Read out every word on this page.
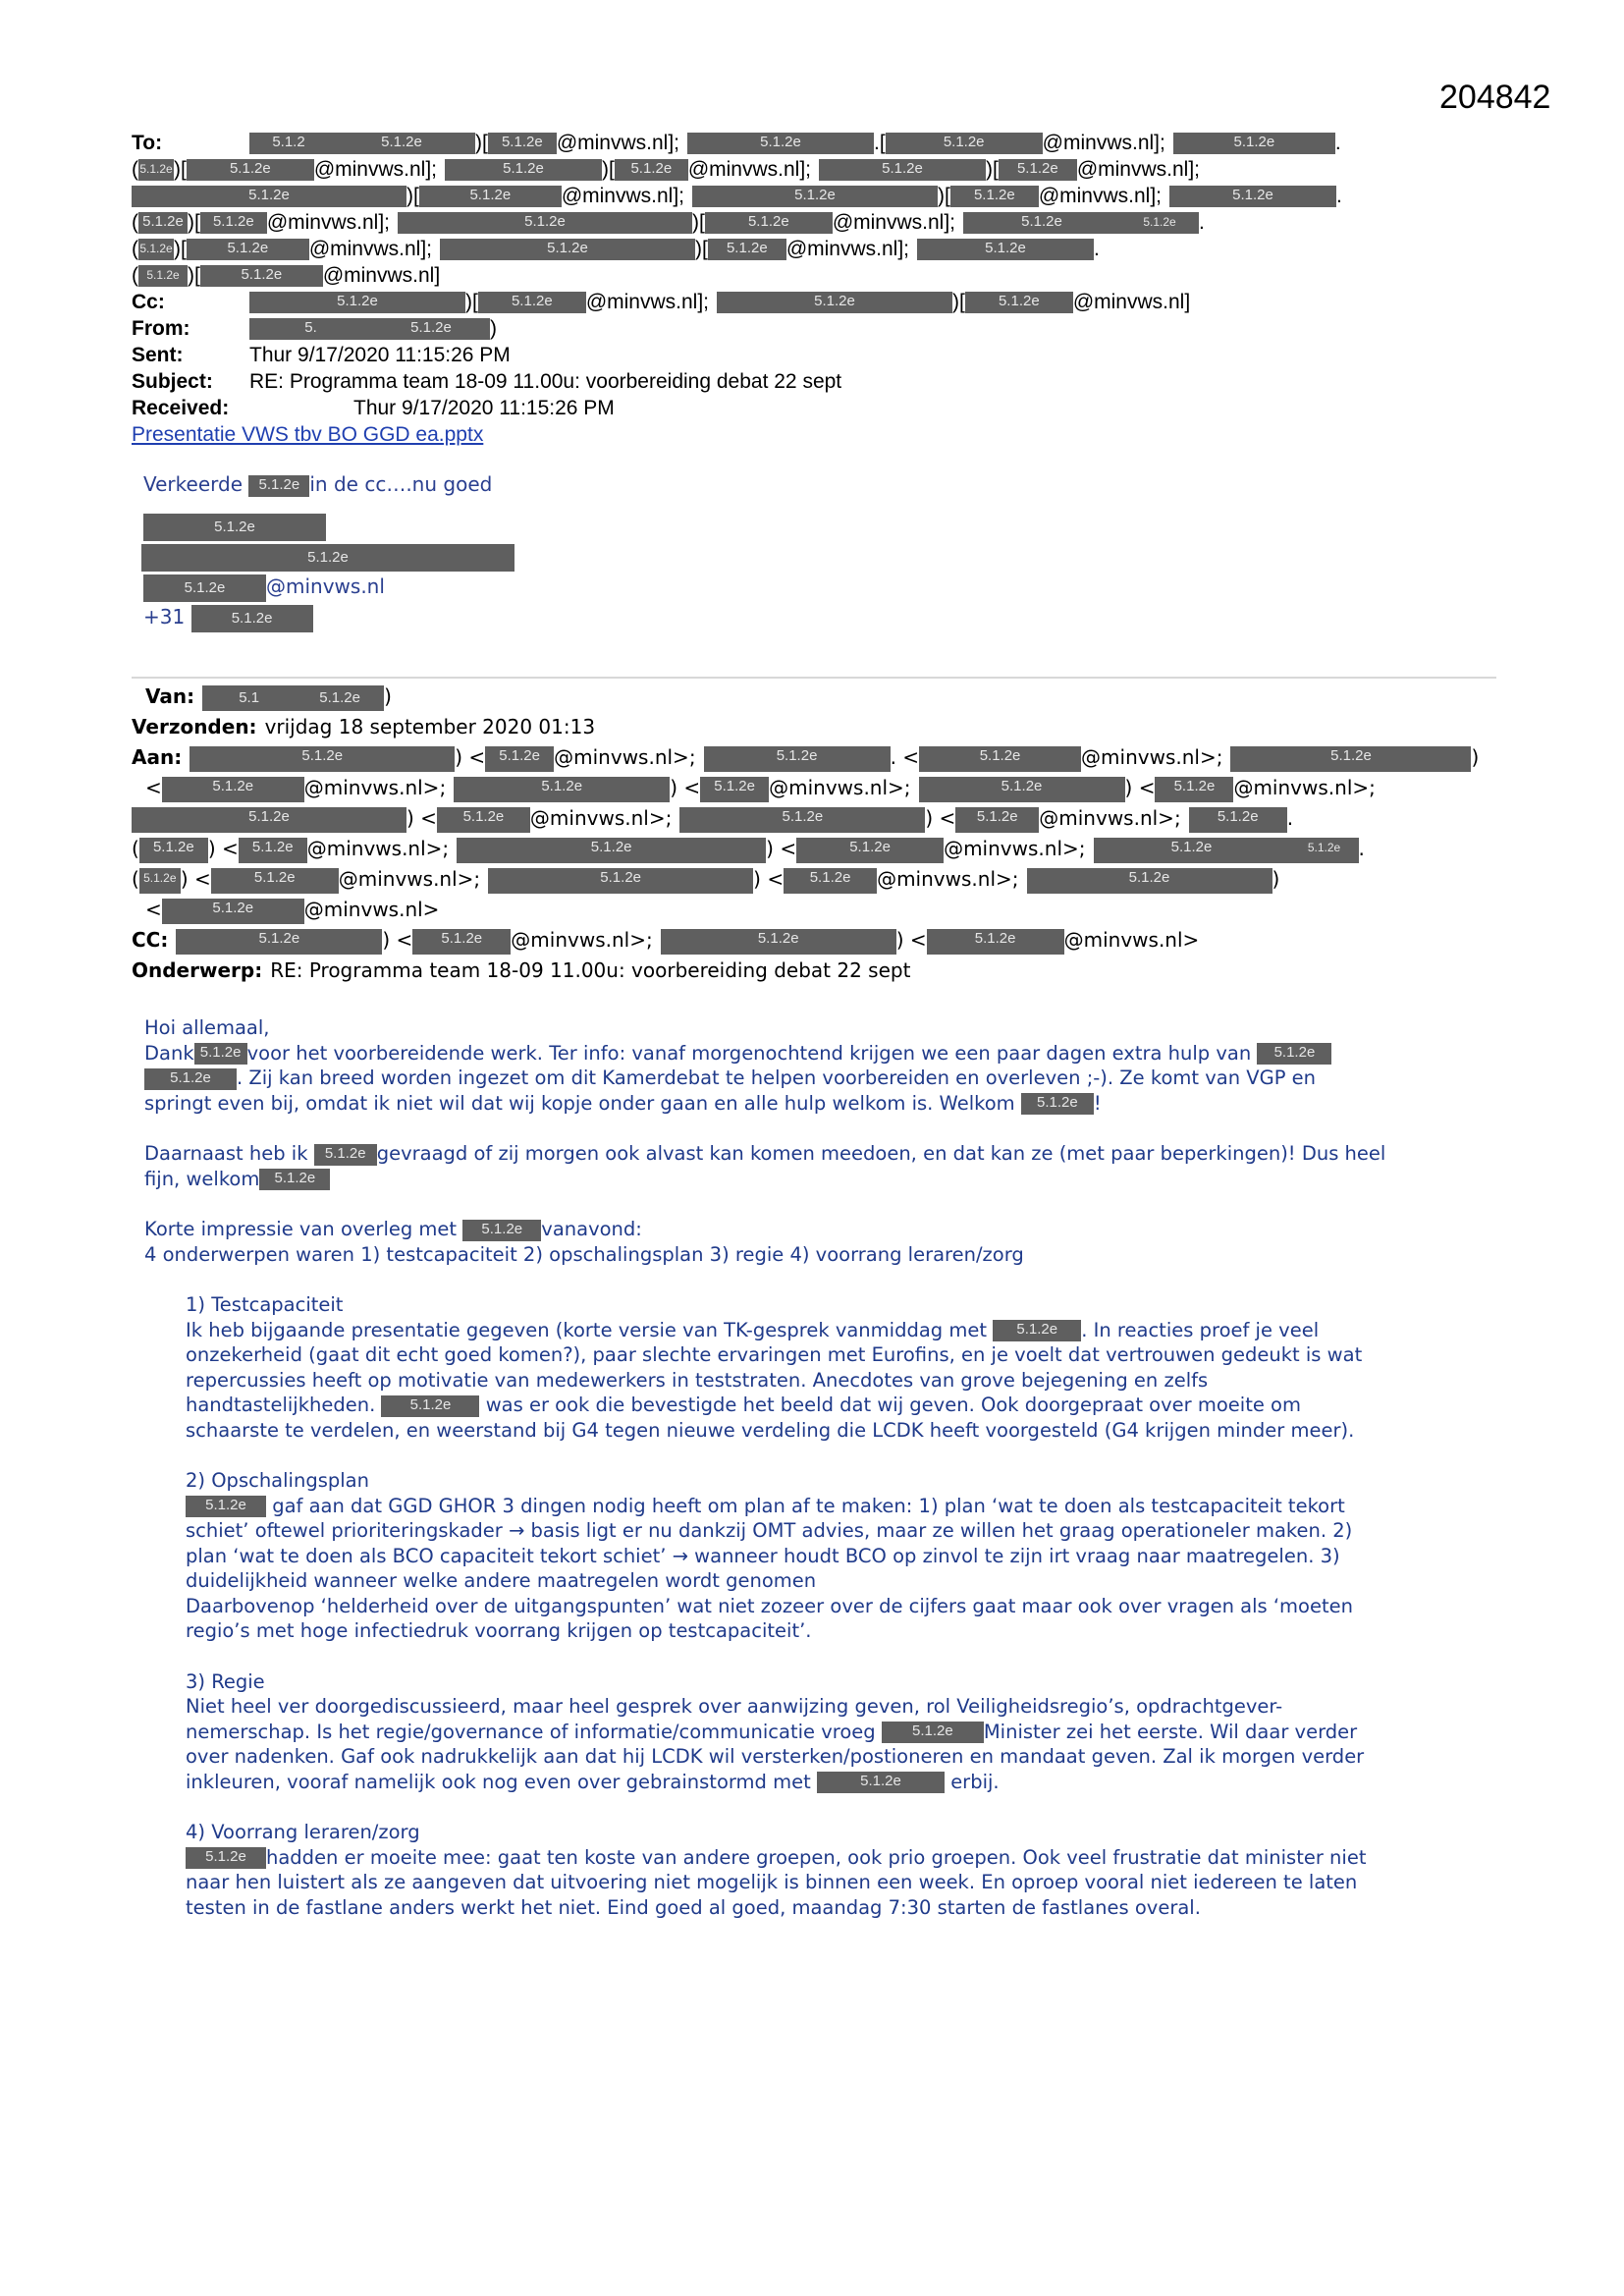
204842
To:	5.1.2	5.1.2e	)[ 5.1.2e @minvws.nl];	5.1.2e	.[	5.1.2e	@minvws.nl];	5.1.2e	.
(5.1.2e)[	5.1.2e @minvws.nl];	5.1.2e	)[ 5.1.2e @minvws.nl];	5.1.2e	)[ 5.1.2e @minvws.nl];
5.1.2e	)[	5.1.2e @minvws.nl];	5.1.2e	)[ 5.1.2e @minvws.nl];	5.1.2e	.
( 5.1.2e )[ 5.1.2e @minvws.nl];	5.1.2e	)[	5.1.2e @minvws.nl];	5.1.2e	5.1.2e .
(5.1.2e)[	5.1.2e @minvws.nl];	5.1.2e	)[ 5.1.2e @minvws.nl];	5.1.2e	.
( 5.1.2e )[	5.1.2e @minvws.nl]
Cc:	5.1.2e	)[ 5.1.2e @minvws.nl];	5.1.2e	)[ 5.1.2e @minvws.nl]
From:	5.	5.1.2e )
Sent:	Thur 9/17/2020 11:15:26 PM
Subject: RE: Programma team 18-09 11.00u: voorbereiding debat 22 sept
Received:	Thur 9/17/2020 11:15:26 PM
Presentatie VWS tbv BO GGD ea.pptx
Verkeerde 5.1.2e in de cc….nu goed
5.1.2e
5.1.2e
5.1.2e @minvws.nl
+31	5.1.2e
Van:	5.1	5.1.2e )
Verzonden: vrijdag 18 september 2020 01:13
Aan:	5.1.2e	) < 5.1.2e @minvws.nl>;	5.1.2e	. <	5.1.2e	@minvws.nl>;	5.1.2e	)
<	5.1.2e	@minvws.nl>;	5.1.2e	) < 5.1.2e @minvws.nl>;	5.1.2e	) < 5.1.2e @minvws.nl>;
5.1.2e	) < 5.1.2e @minvws.nl>;	5.1.2e	) < 5.1.2e @minvws.nl>; 5.1.2e .
( 5.1.2e ) < 5.1.2e @minvws.nl>;	5.1.2e	) <	5.1.2e	@minvws.nl>;	5.1.2e	5.1.2e .
( 5.1.2e ) <	5.1.2e @minvws.nl>;	5.1.2e	) < 5.1.2e @minvws.nl>;	5.1.2e	)
<	5.1.2e	@minvws.nl>
CC:	5.1.2e	) < 5.1.2e @minvws.nl>;	5.1.2e	) <	5.1.2e @minvws.nl>
Onderwerp: RE: Programma team 18-09 11.00u: voorbereiding debat 22 sept

Hoi allemaal,

Dank 5.1.2e voor het voorbereidende werk. Ter info: vanaf morgenochtend krijgen we een paar dagen extra hulp van 5.1.2e

5.1.2e . Zij kan breed worden ingezet om dit Kamerdebat te helpen voorbereiden en overleven ;-). Ze komt van VGP en

springt even bij, omdat ik niet wil dat wij kopje onder gaan en alle hulp welkom is. Welkom 5.1.2e !

Daarnaast heb ik 5.1.2e gevraagd of zij morgen ook alvast kan komen meedoen, en dat kan ze (met paar beperkingen)! Dus heel

fijn, welkom 5.1.2e

Korte impressie van overleg met 5.1.2e vanavond:

4 onderwerpen waren 1) testcapaciteit 2) opschalingsplan 3) regie 4) voorrang leraren/zorg

1) Testcapaciteit

Ik heb bijgaande presentatie gegeven (korte versie van TK-gesprek vanmiddag met 5.1.2e . In reacties proef je veel

onzekerheid (gaat dit echt goed komen?), paar slechte ervaringen met Eurofins, en je voelt dat vertrouwen gedeukt is wat

repercussies heeft op motivatie van medewerkers in teststraten. Anecdotes van grove bejegening en zelfs

handtastelijkheden. 5.1.2e was er ook die bevestigde het beeld dat wij geven. Ook doorgepraat over moeite om

schaarste te verdelen, en weerstand bij G4 tegen nieuwe verdeling die LCDK heeft voorgesteld (G4 krijgen minder meer).

2) Opschalingsplan

5.1.2e gaf aan dat GGD GHOR 3 dingen nodig heeft om plan af te maken: 1) plan ‘wat te doen als testcapaciteit tekort

schiet’ oftewel prioriteringskader → basis ligt er nu dankzij OMT advies, maar ze willen het graag operationeler maken. 2)

plan ‘wat te doen als BCO capaciteit tekort schiet’ → wanneer houdt BCO op zinvol te zijn irt vraag naar maatregelen. 3)

duidelijkheid wanneer welke andere maatregelen wordt genomen

Daarbovenop ‘helderheid over de uitgangspunten’ wat niet zozeer over de cijfers gaat maar ook over vragen als ‘moeten

regio’s met hoge infectiedruk voorrang krijgen op testcapaciteit’.

3) Regie

Niet heel ver doorgediscussieerd, maar heel gesprek over aanwijzing geven, rol Veiligheidsregio’s, opdrachtgever-

nemerschap. Is het regie/governance of informatie/communicatie vroeg 5.1.2e Minister zei het eerste. Wil daar verder

over nadenken. Gaf ook nadrukkelijk aan dat hij LCDK wil versterken/postioneren en mandaat geven. Zal ik morgen verder

inkleuren, vooraf namelijk ook nog even over gebrainstormd met	5.1.2e	erbij.

4) Voorrang leraren/zorg

5.1.2e hadden er moeite mee: gaat ten koste van andere groepen, ook prio groepen. Ook veel frustratie dat minister niet

naar hen luistert als ze aangeven dat uitvoering niet mogelijk is binnen een week. En oproep vooral niet iedereen te laten

testen in de fastlane anders werkt het niet. Eind goed al goed, maandag 7:30 starten de fastlanes overal.
